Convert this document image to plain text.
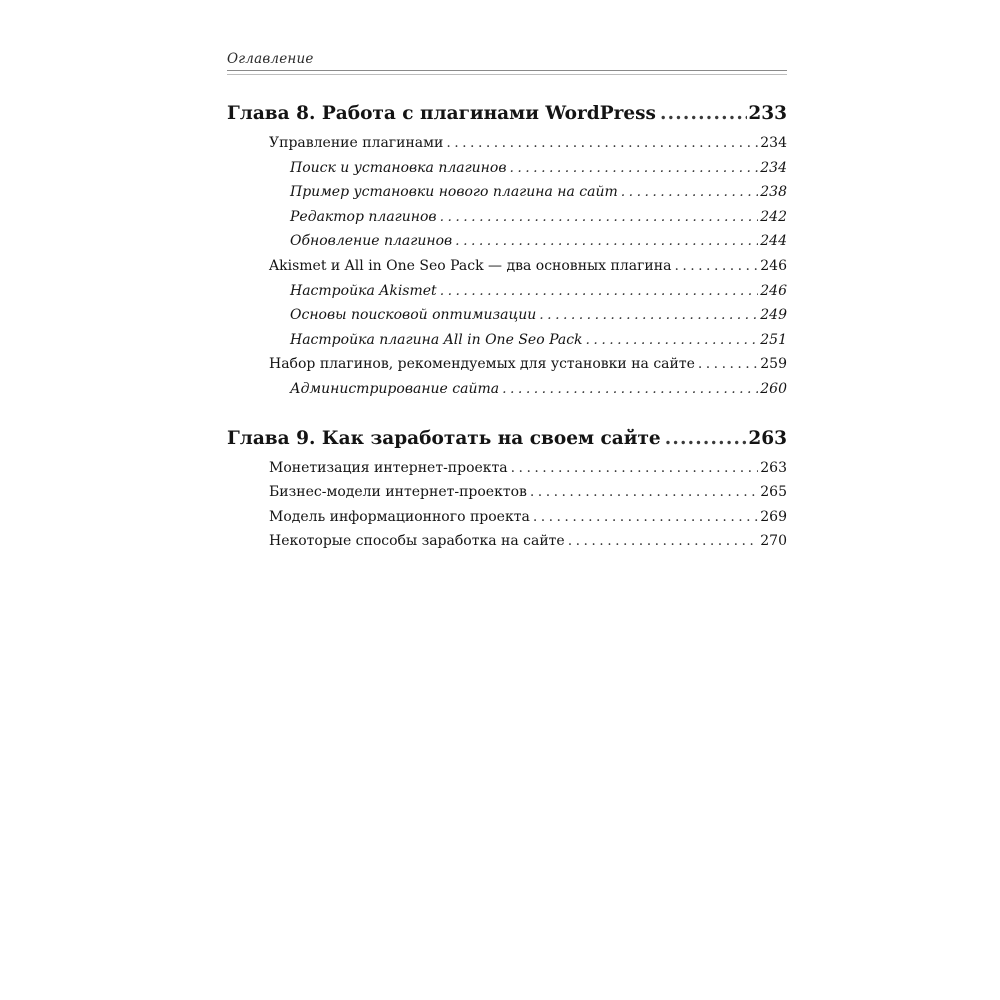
Оглавление
Глава 8. Работа с плагинами WordPress .....	233
Управление плагинами . . .	234
Поиск и установка плагинов . . .	234
Пример установки нового плагина на сайт . . .	238
Редактор плагинов . . .	242
Обновление плагинов . . .	244
Akismet и All in One Seo Pack — два основных плагина . . .	246
Настройка Akismet . . .	246
Основы поисковой оптимизации . . .	249
Настройка плагина All in One Seo Pack . . .	251
Набор плагинов, рекомендуемых для установки на сайте . . .	259
Администрирование сайта . . .	260
Глава 9. Как заработать на своем сайте .....	263
Монетизация интернет-проекта . . .	263
Бизнес-модели интернет-проектов . . .	265
Модель информационного проекта . . .	269
Некоторые способы заработка на сайте . . .	270
